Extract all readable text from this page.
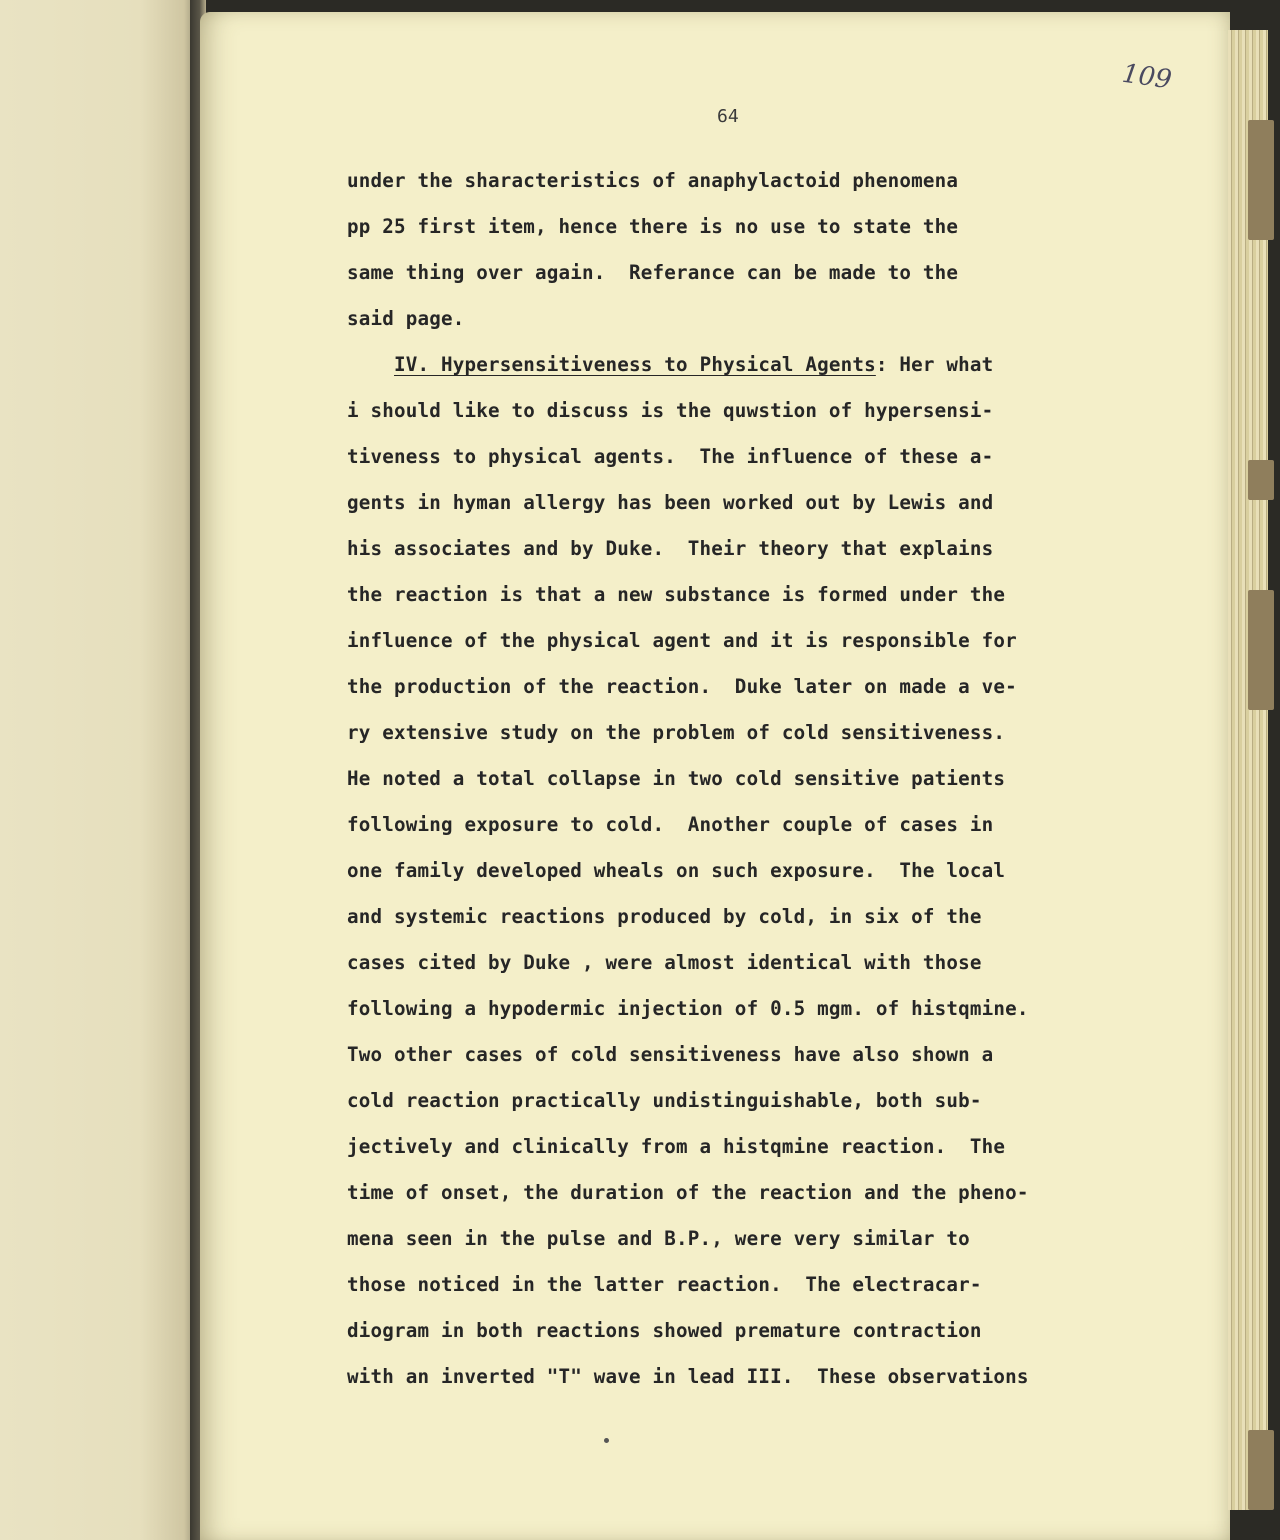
109
64
under the sharacteristics of anaphylactoid phenomena
pp 25 first item, hence there is no use to state the
same thing over again.  Referance can be made to the
said page.
IV. Hypersensitiveness to Physical Agents: Her what
i should like to discuss is the quwstion of hypersensi-
tiveness to physical agents.  The influence of these a-
gents in hyman allergy has been worked out by Lewis and
his associates and by Duke.  Their theory that explains
the reaction is that a new substance is formed under the
influence of the physical agent and it is responsible for
the production of the reaction.  Duke later on made a ve-
ry extensive study on the problem of cold sensitiveness.
He noted a total collapse in two cold sensitive patients
following exposure to cold.  Another couple of cases in
one family developed wheals on such exposure.  The local
and systemic reactions produced by cold, in six of the
cases cited by Duke , were almost identical with those
following a hypodermic injection of 0.5 mgm. of histqmine.
Two other cases of cold sensitiveness have also shown a
cold reaction practically undistinguishable, both sub-
jectively and clinically from a histqmine reaction.  The
time of onset, the duration of the reaction and the pheno-
mena seen in the pulse and B.P., were very similar to
those noticed in the latter reaction.  The electracar-
diogram in both reactions showed premature contraction
with an inverted "T" wave in lead III.  These observations
